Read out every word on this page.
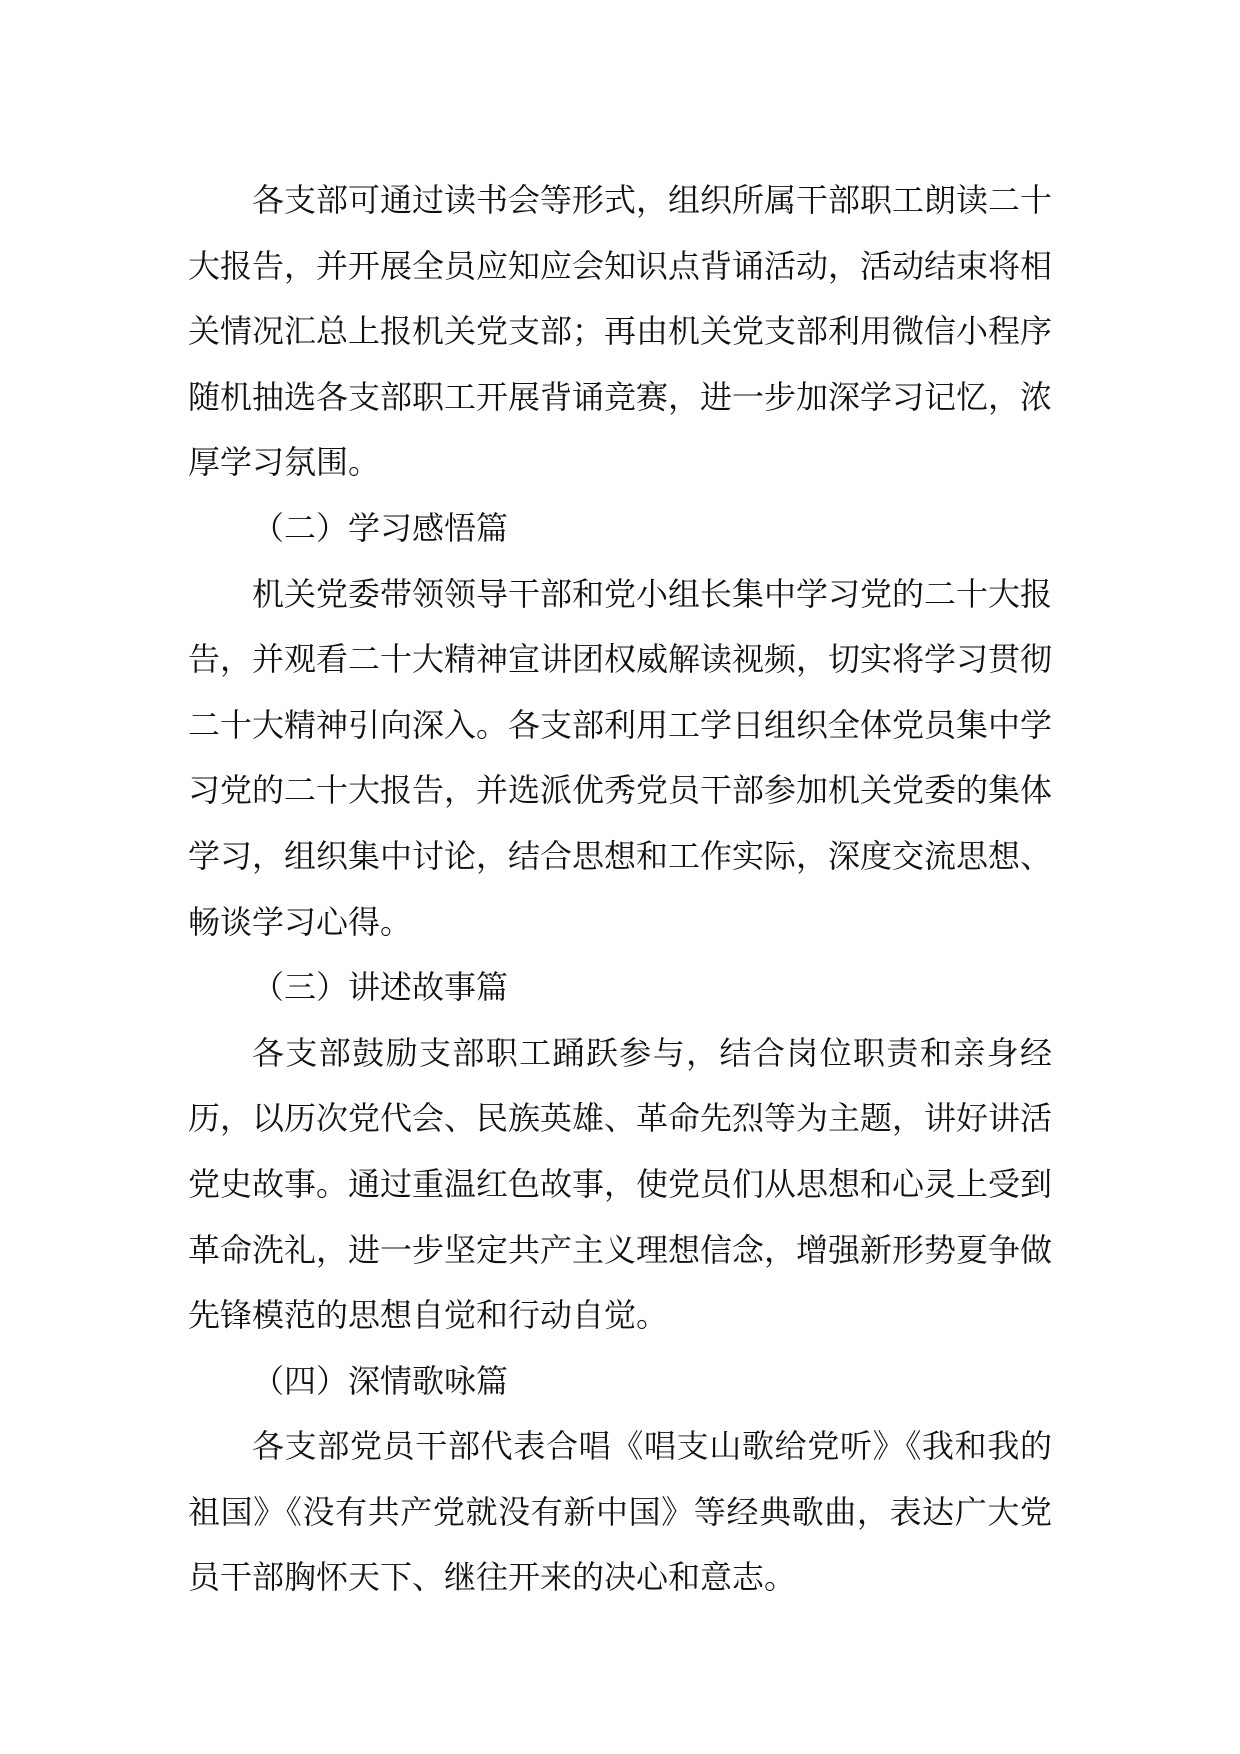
各支部可通过读书会等形式，组织所属干部职工朗读二十大报告，并开展全员应知应会知识点背诵活动，活动结束将相关情况汇总上报机关党支部；再由机关党支部利用微信小程序随机抽选各支部职工开展背诵竞赛，进一步加深学习记忆，浓厚学习氛围。

（二）学习感悟篇

机关党委带领领导干部和党小组长集中学习党的二十大报告，并观看二十大精神宣讲团权威解读视频，切实将学习贯彻二十大精神引向深入。各支部利用工学日组织全体党员集中学习党的二十大报告，并选派优秀党员干部参加机关党委的集体学习，组织集中讨论，结合思想和工作实际，深度交流思想、畅谈学习心得。

（三）讲述故事篇

各支部鼓励支部职工踊跃参与，结合岗位职责和亲身经历，以历次党代会、民族英雄、革命先烈等为主题，讲好讲活党史故事。通过重温红色故事，使党员们从思想和心灵上受到革命洗礼，进一步坚定共产主义理想信念，增强新形势夏争做先锋模范的思想自觉和行动自觉。

（四）深情歌咏篇

各支部党员干部代表合唱《唱支山歌给党听》《我和我的祖国》《没有共产党就没有新中国》等经典歌曲，表达广大党员干部胸怀天下、继往开来的决心和意志。
